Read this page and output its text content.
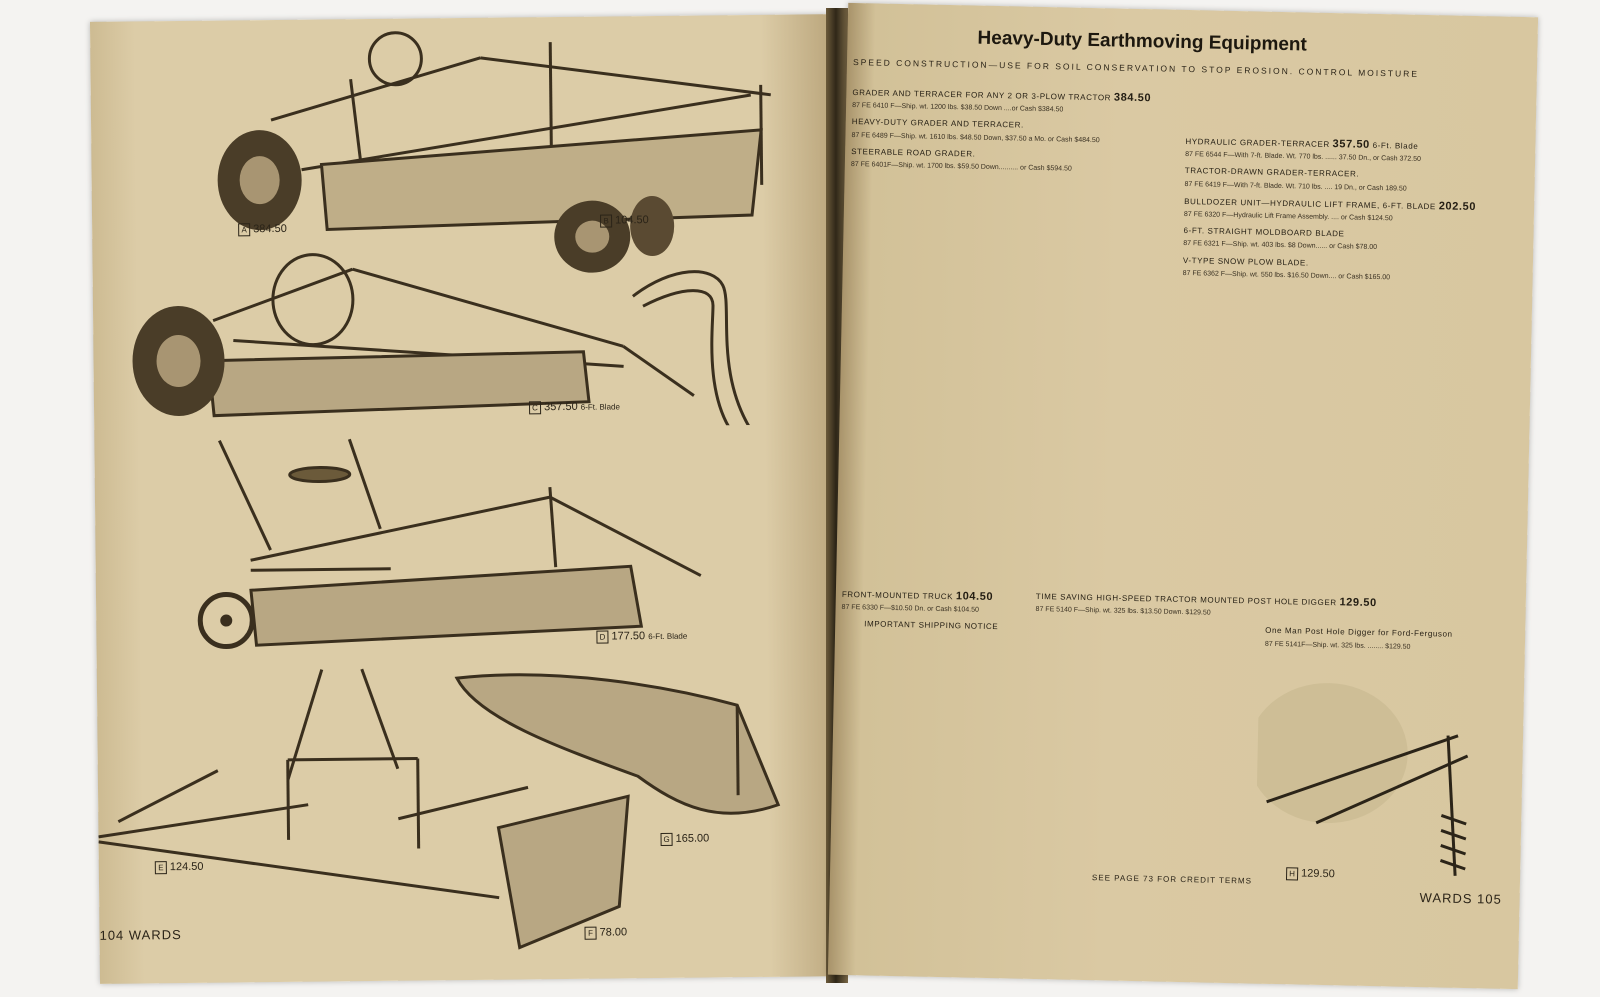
A 384.50
B 104.50
C 357.50 6-Ft. Blade
D 177.50 6-Ft. Blade
E 124.50
G 165.00
F 78.00
104 WARDS
Heavy-Duty Earthmoving Equipment
SPEED CONSTRUCTION—USE FOR SOIL CONSERVATION TO STOP EROSION. CONTROL MOISTURE
GRADER AND TERRACER FOR ANY 2 OR 3-PLOW TRACTOR 384.50
87 FE 6410 F—Ship. wt. 1200 lbs. $38.50 Down ....or Cash $384.50
HEAVY-DUTY GRADER AND TERRACER.
87 FE 6489 F—Ship. wt. 1610 lbs. $48.50 Down, $37.50 a Mo. or Cash $484.50
STEERABLE ROAD GRADER.
87 FE 6401F—Ship. wt. 1700 lbs. $59.50 Down.......... or Cash $594.50
FRONT-MOUNTED TRUCK 104.50
87 FE 6330 F—$10.50 Dn. or Cash $104.50
IMPORTANT SHIPPING NOTICE
HYDRAULIC GRADER-TERRACER 357.50 6-Ft. Blade
87 FE 6544 F—With 7-ft. Blade. Wt. 770 lbs. ...... 37.50 Dn., or Cash 372.50
TRACTOR-DRAWN GRADER-TERRACER.
87 FE 6419 F—With 7-ft. Blade. Wt. 710 lbs. .... 19 Dn., or Cash 189.50
BULLDOZER UNIT—HYDRAULIC LIFT FRAME, 6-FT. BLADE 202.50
87 FE 6320 F—Hydraulic Lift Frame Assembly. .... or Cash $124.50
6-FT. STRAIGHT MOLDBOARD BLADE
87 FE 6321 F—Ship. wt. 403 lbs. $8 Down...... or Cash $78.00
V-TYPE SNOW PLOW BLADE.
87 FE 6362 F—Ship. wt. 550 lbs. $16.50 Down.... or Cash $165.00
TIME SAVING HIGH-SPEED TRACTOR MOUNTED POST HOLE DIGGER 129.50
87 FE 5140 F—Ship. wt. 325 lbs. $13.50 Down. $129.50
One Man Post Hole Digger for Ford-Ferguson
87 FE 5141F—Ship. wt. 325 lbs. ........ $129.50
H 129.50
SEE PAGE 73 FOR CREDIT TERMS
WARDS 105
